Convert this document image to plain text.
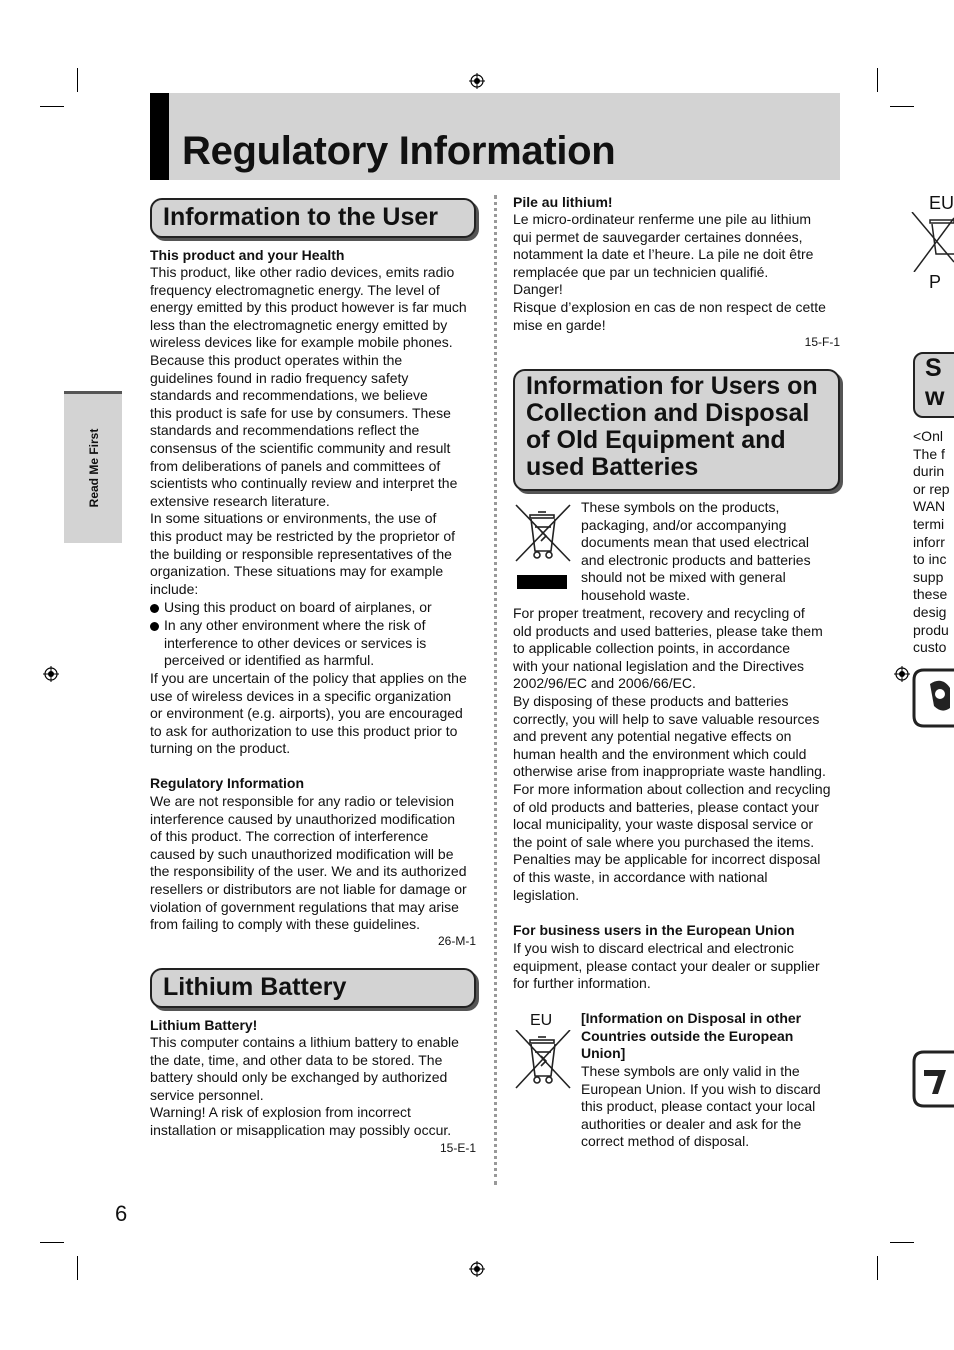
Regulatory Information
Read Me First
Information to the User

This product and your Health

This product, like other radio devices, emits radio
frequency electromagnetic energy. The level of
energy emitted by this product however is far much
less than the electromagnetic energy emitted by
wireless devices like for example mobile phones.
Because this product operates within the
guidelines found in radio frequency safety
standards and recommendations, we believe
this product is safe for use by consumers. These
standards and recommendations reflect the
consensus of the scientific community and result
from deliberations of panels and committees of
scientists who continually review and interpret the
extensive research literature.
In some situations or environments, the use of
this product may be restricted by the proprietor of
the building or responsible representatives of the
organization. These situations may for example
include:

Using this product on board of airplanes, or

In any other environment where the risk of
interference to other devices or services is
perceived or identified as harmful.

If you are uncertain of the policy that applies on the
use of wireless devices in a specific organization
or environment (e.g. airports), you are encouraged
to ask for authorization to use this product prior to
turning on the product.

Regulatory Information

We are not responsible for any radio or television
interference caused by unauthorized modification
of this product. The correction of interference
caused by such unauthorized modification will be
the responsibility of the user. We and its authorized
resellers or distributors are not liable for damage or
violation of government regulations that may arise
from failing to comply with these guidelines.

26-M-1
Lithium Battery

Lithium Battery!

This computer contains a lithium battery to enable
the date, time, and other data to be stored. The
battery should only be exchanged by authorized
service personnel.
Warning! A risk of explosion from incorrect
installation or misapplication may possibly occur.

15-E-1

Pile au lithium!

Le micro-ordinateur renferme une pile au lithium
qui permet de sauvegarder certaines données,
notamment la date et l’heure. La pile ne doit être
remplacée que par un technicien qualifié.
Danger!
Risque d’explosion en cas de non respect de cette
mise en garde!

15-F-1
Information for Users on
Collection and Disposal
of Old Equipment and
used Batteries

These symbols on the products,
packaging, and/or accompanying
documents mean that used electrical
and electronic products and batteries
should not be mixed with general
household waste.

For proper treatment, recovery and recycling of
old products and used batteries, please take them
to applicable collection points, in accordance
with your national legislation and the Directives
2002/96/EC and 2006/66/EC.
By disposing of these products and batteries
correctly, you will help to save valuable resources
and prevent any potential negative effects on
human health and the environment which could
otherwise arise from inappropriate waste handling.
For more information about collection and recycling
of old products and batteries, please contact your
local municipality, your waste disposal service or
the point of sale where you purchased the items.
Penalties may be applicable for incorrect disposal
of this waste, in accordance with national
legislation.

For business users in the European Union

If you wish to discard electrical and electronic
equipment, please contact your dealer or supplier
for further information.

EU [Information on Disposal in other
Countries outside the European
Union]

These symbols are only valid in the
European Union. If you wish to discard
this product, please contact your local
authorities or dealer and ask for the
correct method of disposal.

6
EU
P
S
w
<Onl
The f
durin
or rep
WAN
termi
inforr
to inc
supp
these
desig
produ
custo
